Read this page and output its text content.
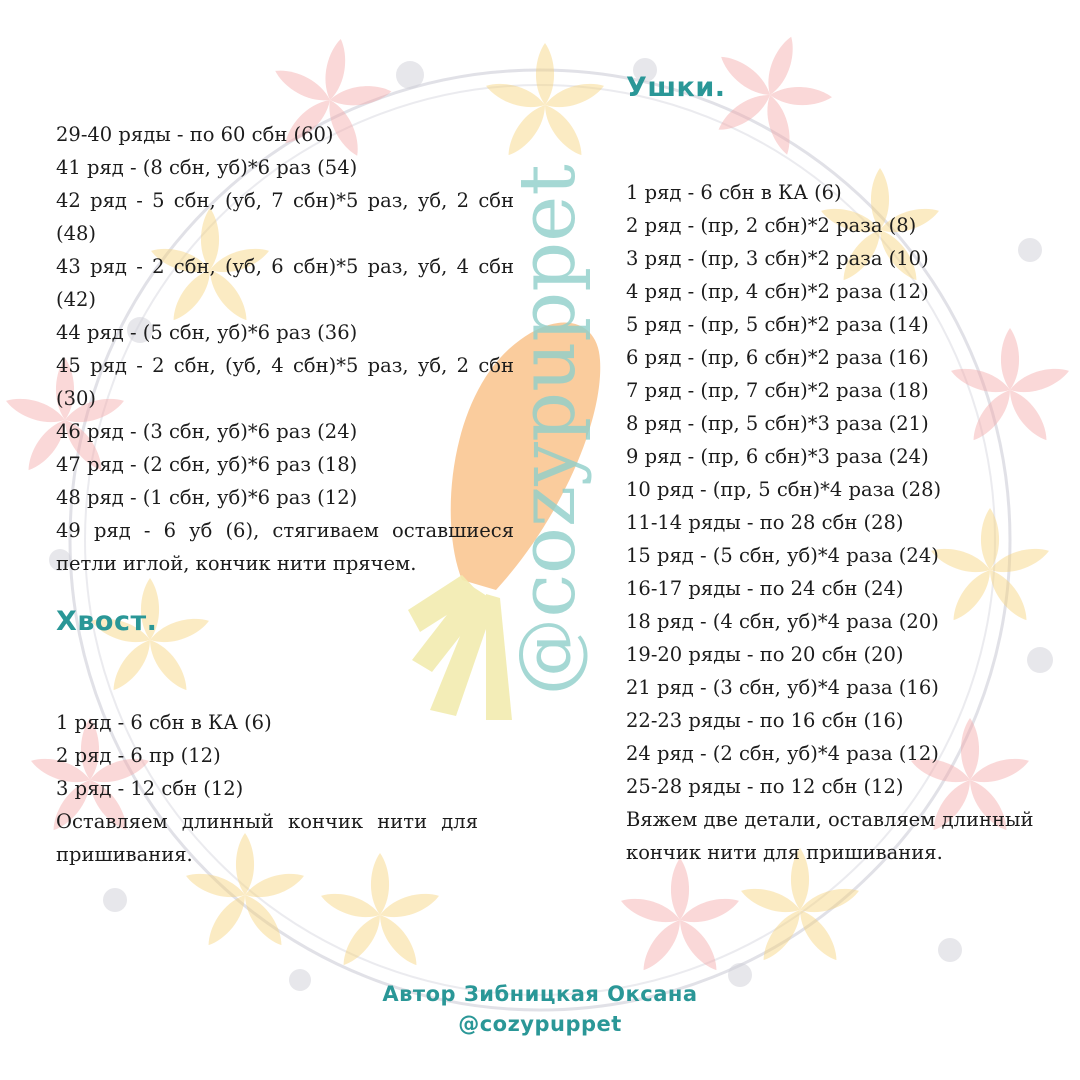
@cozypuppet

29-40 ряды - по 60 сбн (60)

41 ряд - (8 сбн, уб)*6 раз (54)

42 ряд - 5 сбн, (уб, 7 сбн)*5 раз, уб, 2 сбн (48)

43 ряд - 2 сбн, (уб, 6 сбн)*5 раз, уб, 4 сбн (42)

44 ряд - (5 сбн, уб)*6 раз (36)

45 ряд - 2 сбн, (уб, 4 сбн)*5 раз, уб, 2 сбн (30)

46 ряд - (3 сбн, уб)*6 раз (24)

47 ряд - (2 сбн, уб)*6 раз (18)

48 ряд - (1 сбн, уб)*6 раз (12)

49 ряд - 6 уб (6), стягиваем оставшиеся петли иглой, кончик нити прячем.

Хвост.

1 ряд - 6 сбн в КА (6)

2 ряд - 6 пр (12)

3 ряд - 12 сбн (12)

Оставляем длинный кончик нити для пришивания.

Ушки.

1 ряд - 6 сбн в КА (6)

2 ряд - (пр, 2 сбн)*2 раза (8)

3 ряд - (пр, 3 сбн)*2 раза (10)

4 ряд - (пр, 4 сбн)*2 раза (12)

5 ряд - (пр, 5 сбн)*2 раза (14)

6 ряд - (пр, 6 сбн)*2 раза (16)

7 ряд - (пр, 7 сбн)*2 раза (18)

8 ряд - (пр, 5 сбн)*3 раза (21)

9 ряд - (пр, 6 сбн)*3 раза (24)

10 ряд - (пр, 5 сбн)*4 раза (28)

11-14 ряды - по 28 сбн (28)

15 ряд - (5 сбн, уб)*4 раза (24)

16-17 ряды - по 24 сбн (24)

18 ряд - (4 сбн, уб)*4 раза (20)

19-20 ряды - по 20 сбн (20)

21 ряд - (3 сбн, уб)*4 раза (16)

22-23 ряды - по 16 сбн (16)

24 ряд - (2 сбн, уб)*4 раза (12)

25-28 ряды - по 12 сбн (12)

Вяжем две детали, оставляем длинный кончик нити для пришивания.

Автор Зибницкая Оксана
@cozypuppet
